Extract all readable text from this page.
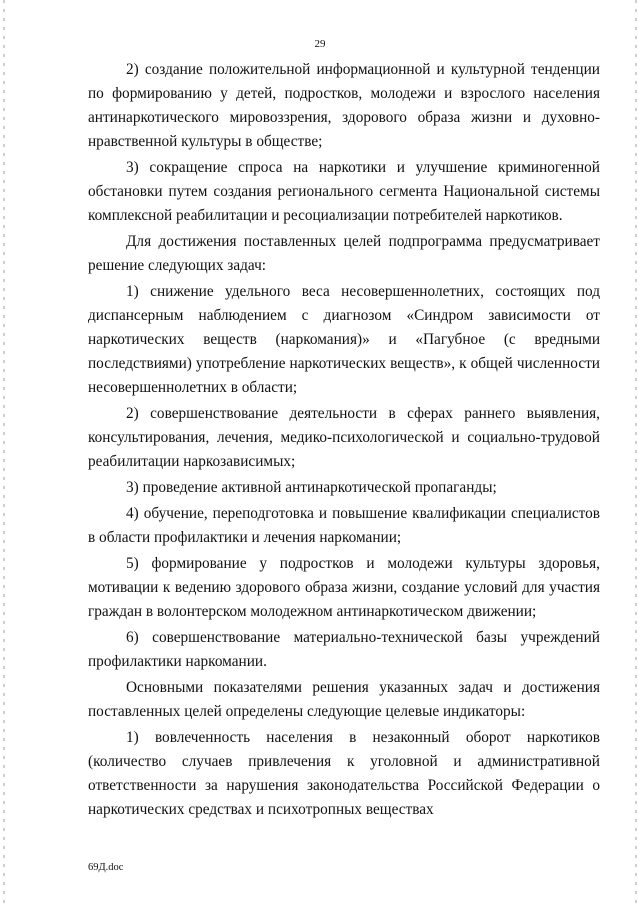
29

2) создание положительной информационной и культурной тенденции по формированию у детей, подростков, молодежи и взрослого населения антинаркотического мировоззрения, здорового образа жизни и духовно-нравственной культуры в обществе;

3) сокращение спроса на наркотики и улучшение криминогенной обстановки путем создания регионального сегмента Национальной системы комплексной реабилитации и ресоциализации потребителей наркотиков.

Для достижения поставленных целей подпрограмма предусматривает решение следующих задач:

1) снижение удельного веса несовершеннолетних, состоящих под диспансерным наблюдением с диагнозом «Синдром зависимости от наркотических веществ (наркомания)» и «Пагубное (с вредными последствиями) употребление наркотических веществ», к общей численности несовершеннолетних в области;

2) совершенствование деятельности в сферах раннего выявления, консультирования, лечения, медико-психологической и социально-трудовой реабилитации наркозависимых;

3) проведение активной антинаркотической пропаганды;

4) обучение, переподготовка и повышение квалификации специалистов в области профилактики и лечения наркомании;

5) формирование у подростков и молодежи культуры здоровья, мотивации к ведению здорового образа жизни, создание условий для участия граждан в волонтерском молодежном антинаркотическом движении;

6) совершенствование материально-технической базы учреждений профилактики наркомании.

Основными показателями решения указанных задач и достижения поставленных целей определены следующие целевые индикаторы:

1) вовлеченность населения в незаконный оборот наркотиков (количество случаев привлечения к уголовной и административной ответственности за нарушения законодательства Российской Федерации о наркотических средствах и психотропных веществах

69Д.doc
